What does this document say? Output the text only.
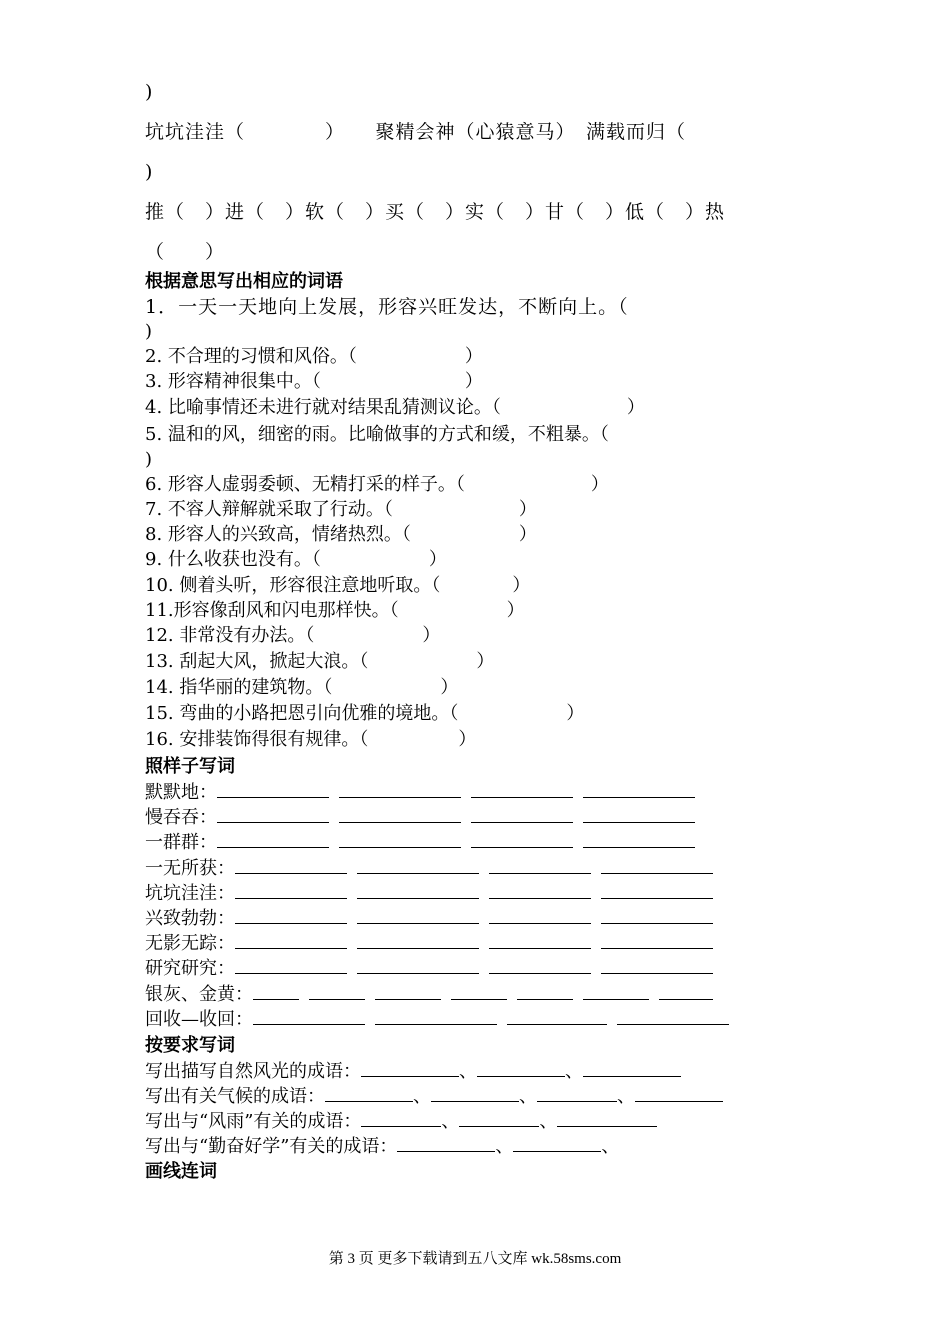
)
坑坑洼洼（　　　　）　　聚精会神（心猿意马）　满载而归（
)
推（　）进（　）软（　）买（　）实（　）甘（　）低（　）热
（　　）
根据意思写出相应的词语
1．一天一天地向上发展，形容兴旺发达，不断向上。（
)
2. 不合理的习惯和风俗。（　　　　　　）
3. 形容精神很集中。（　　　　　　　　）
4. 比喻事情还未进行就对结果乱猜测议论。（　　　　　　　）
5. 温和的风，细密的雨。比喻做事的方式和缓，不粗暴。（
)
6. 形容人虚弱委顿、无精打采的样子。（　　　　　　　）
7. 不容人辩解就采取了行动。（　　　　　　　）
8. 形容人的兴致高，情绪热烈。（　　　　　　）
9. 什么收获也没有。（　　　　　　）
10. 侧着头听，形容很注意地听取。（　　　　）
11.形容像刮风和闪电那样快。（　　　　　　）
12. 非常没有办法。（　　　　　　）
13. 刮起大风，掀起大浪。（　　　　　　）
14. 指华丽的建筑物。（　　　　　　）
15. 弯曲的小路把恩引向优雅的境地。（　　　　　　）
16. 安排装饰得很有规律。（　　　　　）
照样子写词
默默地：
慢吞吞：
一群群：
一无所获：
坑坑洼洼：
兴致勃勃：
无影无踪：
研究研究：
银灰、金黄：
回收—收回：
按要求写词
写出描写自然风光的成语：	、	、
写出有关气候的成语：	、	、	、
写出与“风雨”有关的成语：	、	、
写出与“勤奋好学”有关的成语：	、	、
画线连词
第 3 页 更多下载请到五八文库 wk.58sms.com
